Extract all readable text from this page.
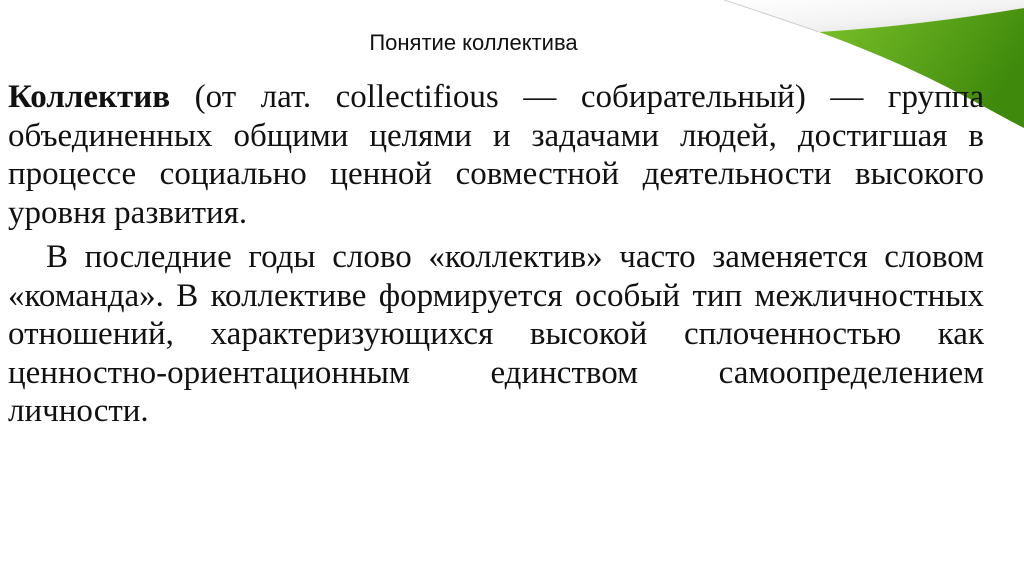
Понятие коллектива

Коллектив (от лат. collectifious — собирательный) — группа объединенных общими целями и задачами людей, достигшая в процессе социально ценной совместной деятельности высокого уровня развития.

В последние годы слово «коллектив» часто заменяется словом «команда». В коллективе формируется особый тип межличностных отношений, характеризующихся высокой сплоченностью как ценностно-ориентационным единством самоопределением личности.
